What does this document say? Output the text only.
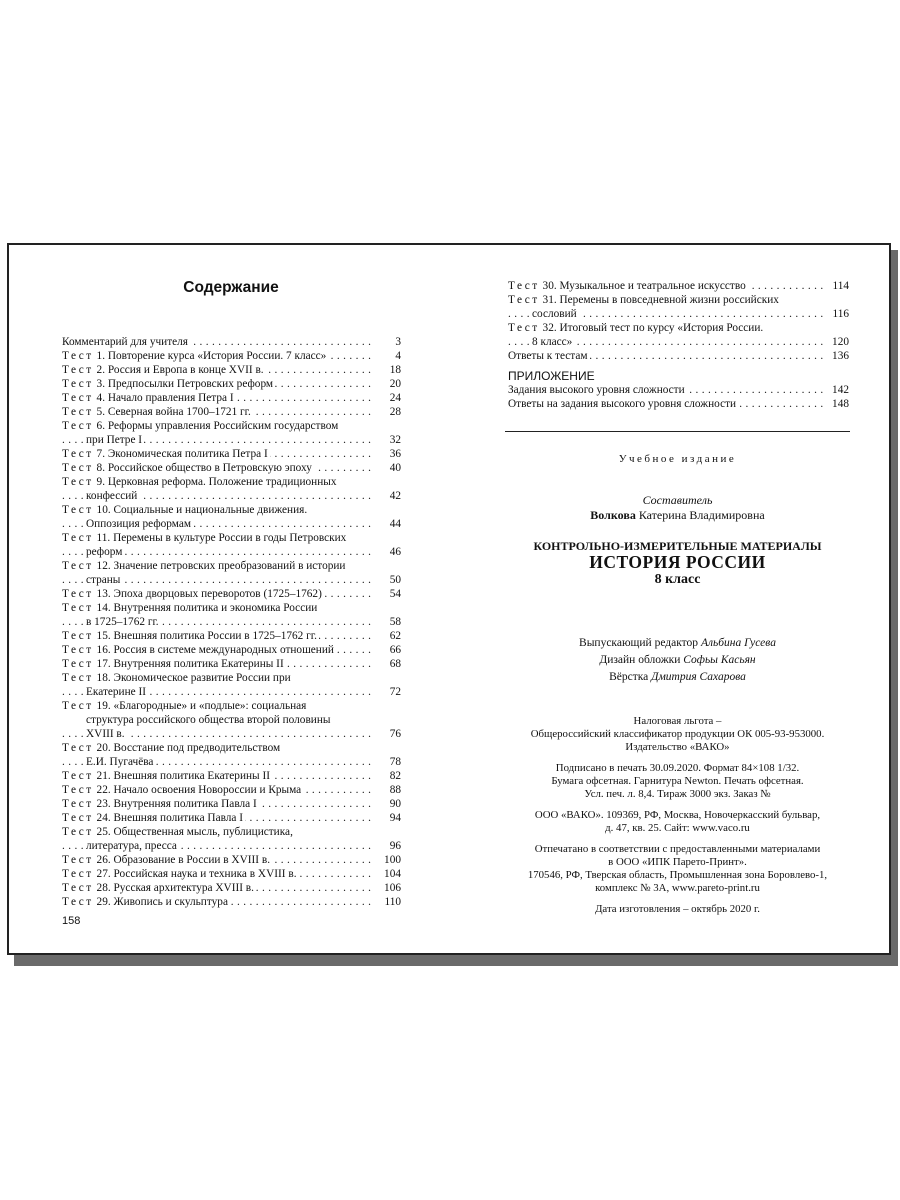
Содержание
Комментарий для учителя . . .	3
Тест 1. Повторение курса «История России. 7 класс» . . .	4
Тест 2. Россия и Европа в конце XVII в. . . .	18
Тест 3. Предпосылки Петровских реформ . . .	20
Тест 4. Начало правления Петра I . . .	24
Тест 5. Северная война 1700–1721 гг. . . .	28
Тест 6. Реформы управления Российским государством
при Петре I . . .	32
Тест 7. Экономическая политика Петра I . . .	36
Тест 8. Российское общество в Петровскую эпоху . . .	40
Тест 9. Церковная реформа. Положение традиционных
конфессий . . .	42
Тест 10. Социальные и национальные движения.
Оппозиция реформам . . .	44
Тест 11. Перемены в культуре России в годы Петровских
реформ . . .	46
Тест 12. Значение петровских преобразований в истории
страны . . .	50
Тест 13. Эпоха дворцовых переворотов (1725–1762) . . .	54
Тест 14. Внутренняя политика и экономика России
в 1725–1762 гг. . . .	58
Тест 15. Внешняя политика России в 1725–1762 гг. . . .	62
Тест 16. Россия в системе международных отношений . . .	66
Тест 17. Внутренняя политика Екатерины II . . .	68
Тест 18. Экономическое развитие России при
Екатерине II . . .	72
Тест 19. «Благородные» и «подлые»: социальная
структура российского общества второй половины
XVIII в. . . .	76
Тест 20. Восстание под предводительством
Е.И. Пугачёва . . .	78
Тест 21. Внешняя политика Екатерины II . . .	82
Тест 22. Начало освоения Новороссии и Крыма . . .	88
Тест 23. Внутренняя политика Павла I . . .	90
Тест 24. Внешняя политика Павла I . . .	94
Тест 25. Общественная мысль, публицистика,
литература, пресса . . .	96
Тест 26. Образование в России в XVIII в. . . .	100
Тест 27. Российская наука и техника в XVIII в. . . .	104
Тест 28. Русская архитектура XVIII в. . . .	106
Тест 29. Живопись и скульптура . . .	110
158
Тест 30. Музыкальное и театральное искусство . . .	114
Тест 31. Перемены в повседневной жизни российских
сословий . . .	116
Тест 32. Итоговый тест по курсу «История России.
8 класс» . . .	120
Ответы к тестам . . .	136
ПРИЛОЖЕНИЕ
Задания высокого уровня сложности . . .	142
Ответы на задания высокого уровня сложности . . .	148
Учебное издание
Составитель
Волкова Катерина Владимировна
КОНТРОЛЬНО-ИЗМЕРИТЕЛЬНЫЕ МАТЕРИАЛЫ
ИСТОРИЯ РОССИИ
8 класс
Выпускающий редактор Альбина Гусева
Дизайн обложки Софьы Касьян
Вёрстка Дмитрия Сахарова

Налоговая льгота –
Общероссийский классификатор продукции ОК 005-93-953000.
Издательство «ВАКО»

Подписано в печать 30.09.2020. Формат 84×108 1/32.
Бумага офсетная. Гарнитура Newton. Печать офсетная.
Усл. печ. л. 8,4. Тираж 3000 экз. Заказ №

ООО «ВАКО». 109369, РФ, Москва, Новочеркасский бульвар,
д. 47, кв. 25. Сайт: www.vaco.ru

Отпечатано в соответствии с предоставленными материалами
в ООО «ИПК Парето-Принт».
170546, РФ, Тверская область, Промышленная зона Боровлево-1,
комплекс № 3А, www.pareto-print.ru

Дата изготовления – октябрь 2020 г.
